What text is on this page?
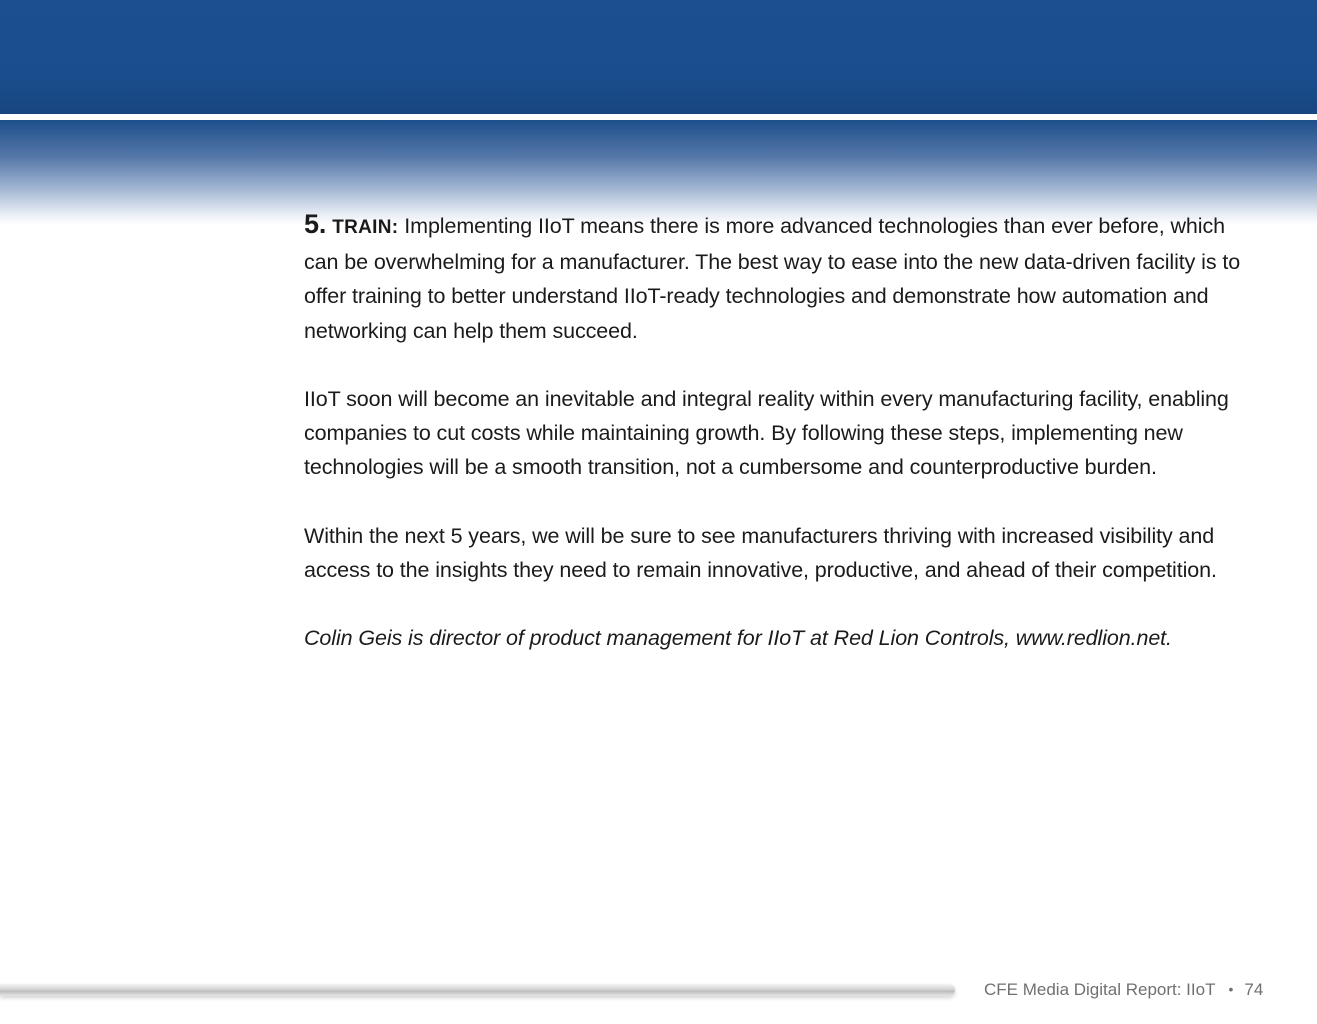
5. TRAIN: Implementing IIoT means there is more advanced technologies than ever before, which can be overwhelming for a manufacturer. The best way to ease into the new data-driven facility is to offer training to better understand IIoT-ready technologies and demonstrate how automation and networking can help them succeed.

IIoT soon will become an inevitable and integral reality within every manufacturing facility, enabling companies to cut costs while maintaining growth. By following these steps, implementing new technologies will be a smooth transition, not a cumbersome and counterproductive burden.

Within the next 5 years, we will be sure to see manufacturers thriving with increased visibility and access to the insights they need to remain innovative, productive, and ahead of their competition.

Colin Geis is director of product management for IIoT at Red Lion Controls, www.redlion.net.

CFE Media Digital Report: IIoT • 74
